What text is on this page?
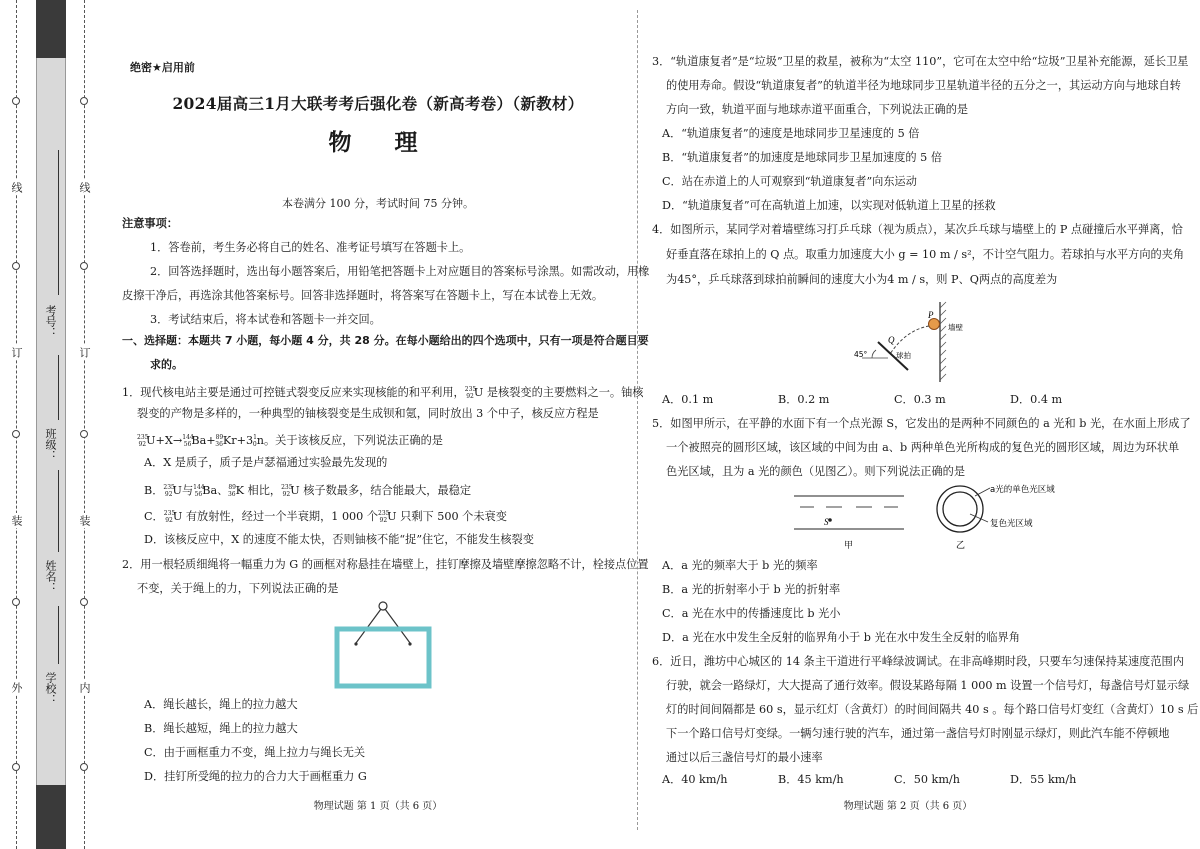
线
订
装
外
线
订
装
内
考号：
班级：
姓名：
学校：
绝密★启用前
2024届高三1月大联考考后强化卷（新高考卷）（新教材）
物　理
本卷满分 100 分，考试时间 75 分钟。
注意事项：
1．答卷前，考生务必将自己的姓名、准考证号填写在答题卡上。
2．回答选择题时，选出每小题答案后，用铅笔把答题卡上对应题目的答案标号涂黑。如需改动，用橡
皮擦干净后，再选涂其他答案标号。回答非选择题时，将答案写在答题卡上，写在本试卷上无效。
3．考试结束后，将本试卷和答题卡一并交回。
一、选择题：本题共 7 小题，每小题 4 分，共 28 分。在每小题给出的四个选项中，只有一项是符合题目要
求的。
1．现代核电站主要是通过可控链式裂变反应来实现核能的和平利用，$^{235}_{92}$U 是核裂变的主要燃料之一。铀核
裂变的产物是多样的，一种典型的铀核裂变是生成钡和氪，同时放出 3 个中子，核反应方程是
$^{235}_{92}U+X\to^{144}_{56}Ba+^{89}_{36}Kr+3^1_0n$。关于该核反应，下列说法正确的是
A．X 是质子，质子是卢瑟福通过实验最先发现的
B．$^{235}_{92}$U与$^{144}_{56}$Ba、$^{89}_{36}$K 相比，$^{235}_{92}$U 核子数最多，结合能最大，最稳定
C．$^{235}_{92}$U 有放射性，经过一个半衰期，1 000 个$^{235}_{92}$U 只剩下 500 个未衰变
D．该核反应中，X 的速度不能太快，否则铀核不能“捉”住它，不能发生核裂变
2．用一根轻质细绳将一幅重力为 G 的画框对称悬挂在墙壁上，挂钉摩擦及墙壁摩擦忽略不计，栓接点位置
不变，关于绳上的力，下列说法正确的是
A．绳长越长，绳上的拉力越大
B．绳长越短，绳上的拉力越大
C．由于画框重力不变，绳上拉力与绳长无关
D．挂钉所受绳的拉力的合力大于画框重力 G
物理试题 第 1 页（共 6 页）
3．“轨道康复者”是“垃圾”卫星的救星，被称为“太空 110”，它可在太空中给“垃圾”卫星补充能源，延长卫星
的使用寿命。假设“轨道康复者”的轨道半径为地球同步卫星轨道半径的五分之一，其运动方向与地球自转
方向一致，轨道平面与地球赤道平面重合，下列说法正确的是
A．“轨道康复者”的速度是地球同步卫星速度的 5 倍
B．“轨道康复者”的加速度是地球同步卫星加速度的 5 倍
C．站在赤道上的人可观察到“轨道康复者”向东运动
D．“轨道康复者”可在高轨道上加速，以实现对低轨道上卫星的拯救
4．如图所示，某同学对着墙壁练习打乒乓球（视为质点），某次乒乓球与墙壁上的 P 点碰撞后水平弹离，恰
好垂直落在球拍上的 Q 点。取重力加速度大小 g = 10 m / s²，不计空气阻力。若球拍与水平方向的夹角
为45°，乒乓球落到球拍前瞬间的速度大小为4 m / s，则 P、Q两点的高度差为
P
Q
墙壁
球拍
45°
A．0.1 m	B．0.2 m	C．0.3 m	D．0.4 m
5．如图甲所示，在平静的水面下有一个点光源 S，它发出的是两种不同颜色的 a 光和 b 光，在水面上形成了
一个被照亮的圆形区域，该区域的中间为由 a、b 两种单色光所构成的复色光的圆形区域，周边为环状单
色光区域，且为 a 光的颜色（见图乙）。则下列说法正确的是
S
甲
a光的单色光区域
复色光区域
乙
A．a 光的频率大于 b 光的频率
B．a 光的折射率小于 b 光的折射率
C．a 光在水中的传播速度比 b 光小
D．a 光在水中发生全反射的临界角小于 b 光在水中发生全反射的临界角
6．近日，潍坊中心城区的 14 条主干道进行平峰绿波调试。在非高峰期时段，只要车匀速保持某速度范围内
行驶，就会一路绿灯，大大提高了通行效率。假设某路每隔 1 000 m 设置一个信号灯，每盏信号灯显示绿
灯的时间间隔都是 60 s，显示红灯（含黄灯）的时间间隔共 40 s 。每个路口信号灯变红（含黄灯）10 s 后
下一个路口信号灯变绿。一辆匀速行驶的汽车，通过第一盏信号灯时刚显示绿灯，则此汽车能不停顿地
通过以后三盏信号灯的最小速率
A．40 km/h	B．45 km/h	C．50 km/h	D．55 km/h
物理试题 第 2 页（共 6 页）
